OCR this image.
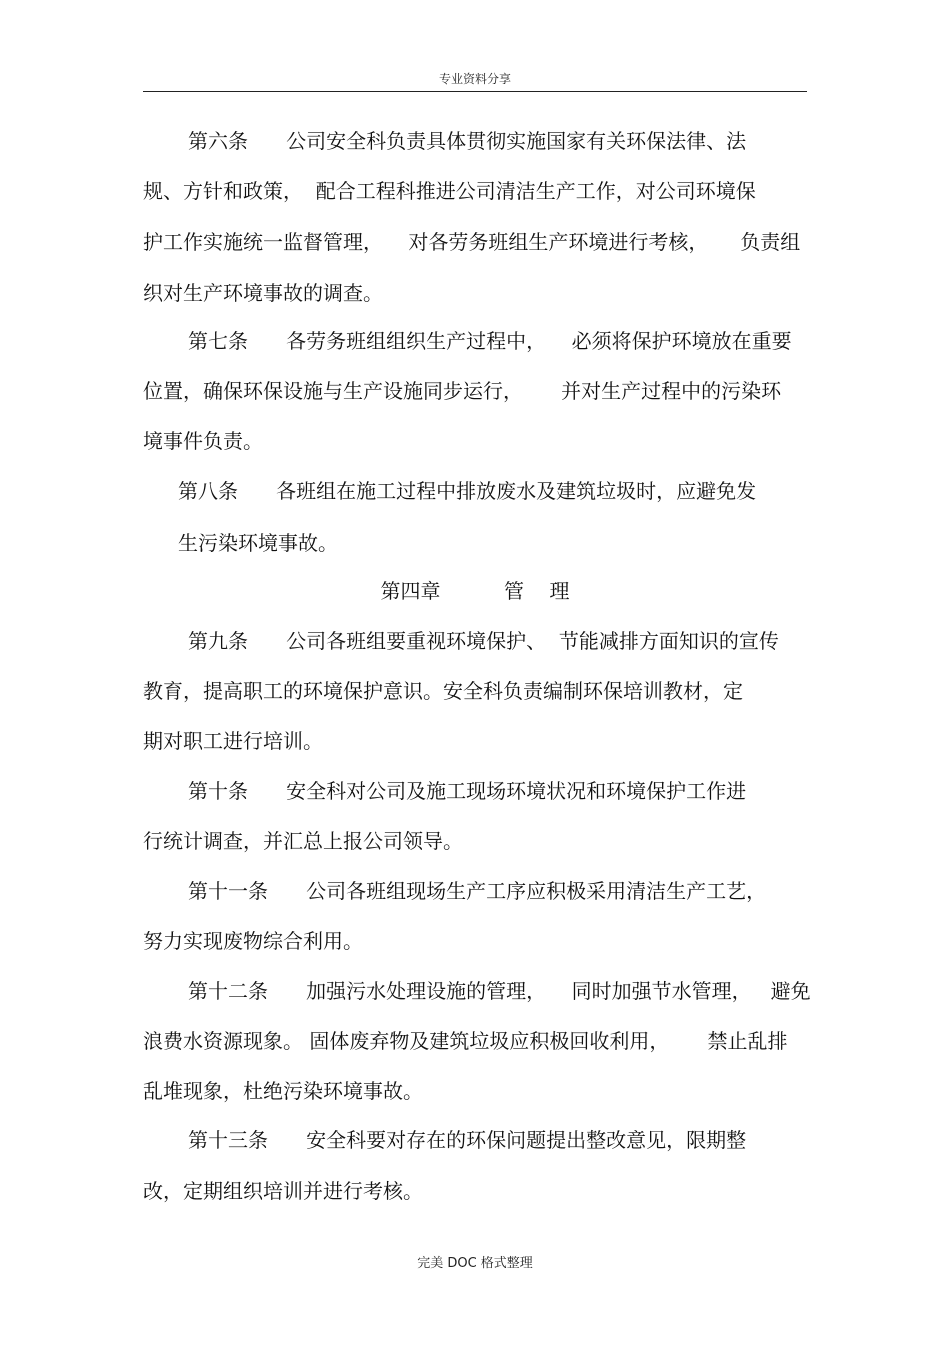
专业资料分享

第六条      公司安全科负责具体贯彻实施国家有关环保法律、法

规、方针和政策，  配合工程科推进公司清洁生产工作，对公司环境保

护工作实施统一监督管理，    对各劳务班组生产环境进行考核，     负责组

织对生产环境事故的调查。

第七条      各劳务班组组织生产过程中，    必须将保护环境放在重要

位置，确保环保设施与生产设施同步运行，      并对生产过程中的污染环

境事件负责。

第八条      各班组在施工过程中排放废水及建筑垃圾时，应避免发

生污染环境事故。

第四章          管    理

第九条      公司各班组要重视环境保护、  节能减排方面知识的宣传

教育，提高职工的环境保护意识。安全科负责编制环保培训教材，定

期对职工进行培训。

第十条      安全科对公司及施工现场环境状况和环境保护工作进

行统计调查，并汇总上报公司领导。

第十一条      公司各班组现场生产工序应积极采用清洁生产工艺，

努力实现废物综合利用。

第十二条      加强污水处理设施的管理，    同时加强节水管理，   避免

浪费水资源现象。 固体废弃物及建筑垃圾应积极回收利用，      禁止乱排

乱堆现象，杜绝污染环境事故。

第十三条      安全科要对存在的环保问题提出整改意见，限期整

改，定期组织培训并进行考核。

完美 DOC 格式整理
